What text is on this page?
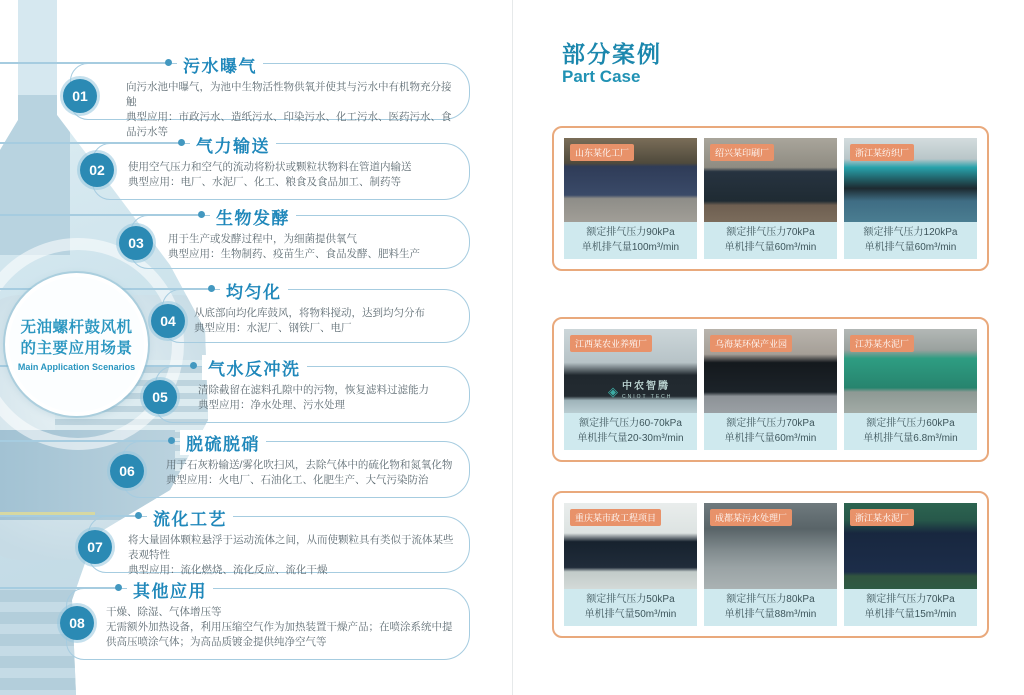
无油螺杆鼓风机
的主要应用场景
Main Application Scenarios
污水曝气
01
向污水池中曝气，为池中生物活性物供氧并使其与污水中有机物充分接触
典型应用：市政污水、造纸污水、印染污水、化工污水、医药污水、食品污水等
气力输送
02	使用空气压力和空气的流动将粉状或颗粒状物料在管道内输送
典型应用：电厂、水泥厂、化工、粮食及食品加工、制药等
生物发酵
03	用于生产或发酵过程中，为细菌提供氧气
典型应用：生物制药、疫苗生产、食品发酵、肥料生产
均匀化
04	从底部向均化库鼓风，将物料搅动，达到均匀分布
典型应用：水泥厂、钢铁厂、电厂
气水反冲洗
05	清除截留在滤料孔隙中的污物，恢复滤料过滤能力
典型应用：净水处理、污水处理
脱硫脱硝
06	用于石灰粉输送/雾化吹扫风，去除气体中的硫化物和氮氧化物
典型应用：火电厂、石油化工、化肥生产、大气污染防治
流化工艺
07	将大量固体颗粒悬浮于运动流体之间，从而使颗粒具有类似于流体某些表观特性
典型应用：流化燃烧、流化反应、流化干燥
其他应用
08
干燥、除湿、气体增压等
无需额外加热设备，利用压缩空气作为加热装置干燥产品；在喷涂系统中提供高压喷涂气体；为高品质镀金提供纯净空气等
部分案例
Part Case
山东某化工厂
额定排气压力90kPa
单机排气量100m³/min
绍兴某印刷厂
额定排气压力70kPa
单机排气量60m³/min
浙江某纺织厂
额定排气压力120kPa
单机排气量60m³/min
江西某农业养殖厂
额定排气压力60-70kPa
单机排气量20-30m³/min
乌海某环保产业园
额定排气压力70kPa
单机排气量60m³/min
江苏某水泥厂
额定排气压力60kPa
单机排气量6.8m³/min
重庆某市政工程项目
额定排气压力50kPa
单机排气量50m³/min
成都某污水处理厂
额定排气压力80kPa
单机排气量88m³/min
浙江某水泥厂
额定排气压力70kPa
单机排气量15m³/min
◈ 中农智腾
CNIOT TECH
